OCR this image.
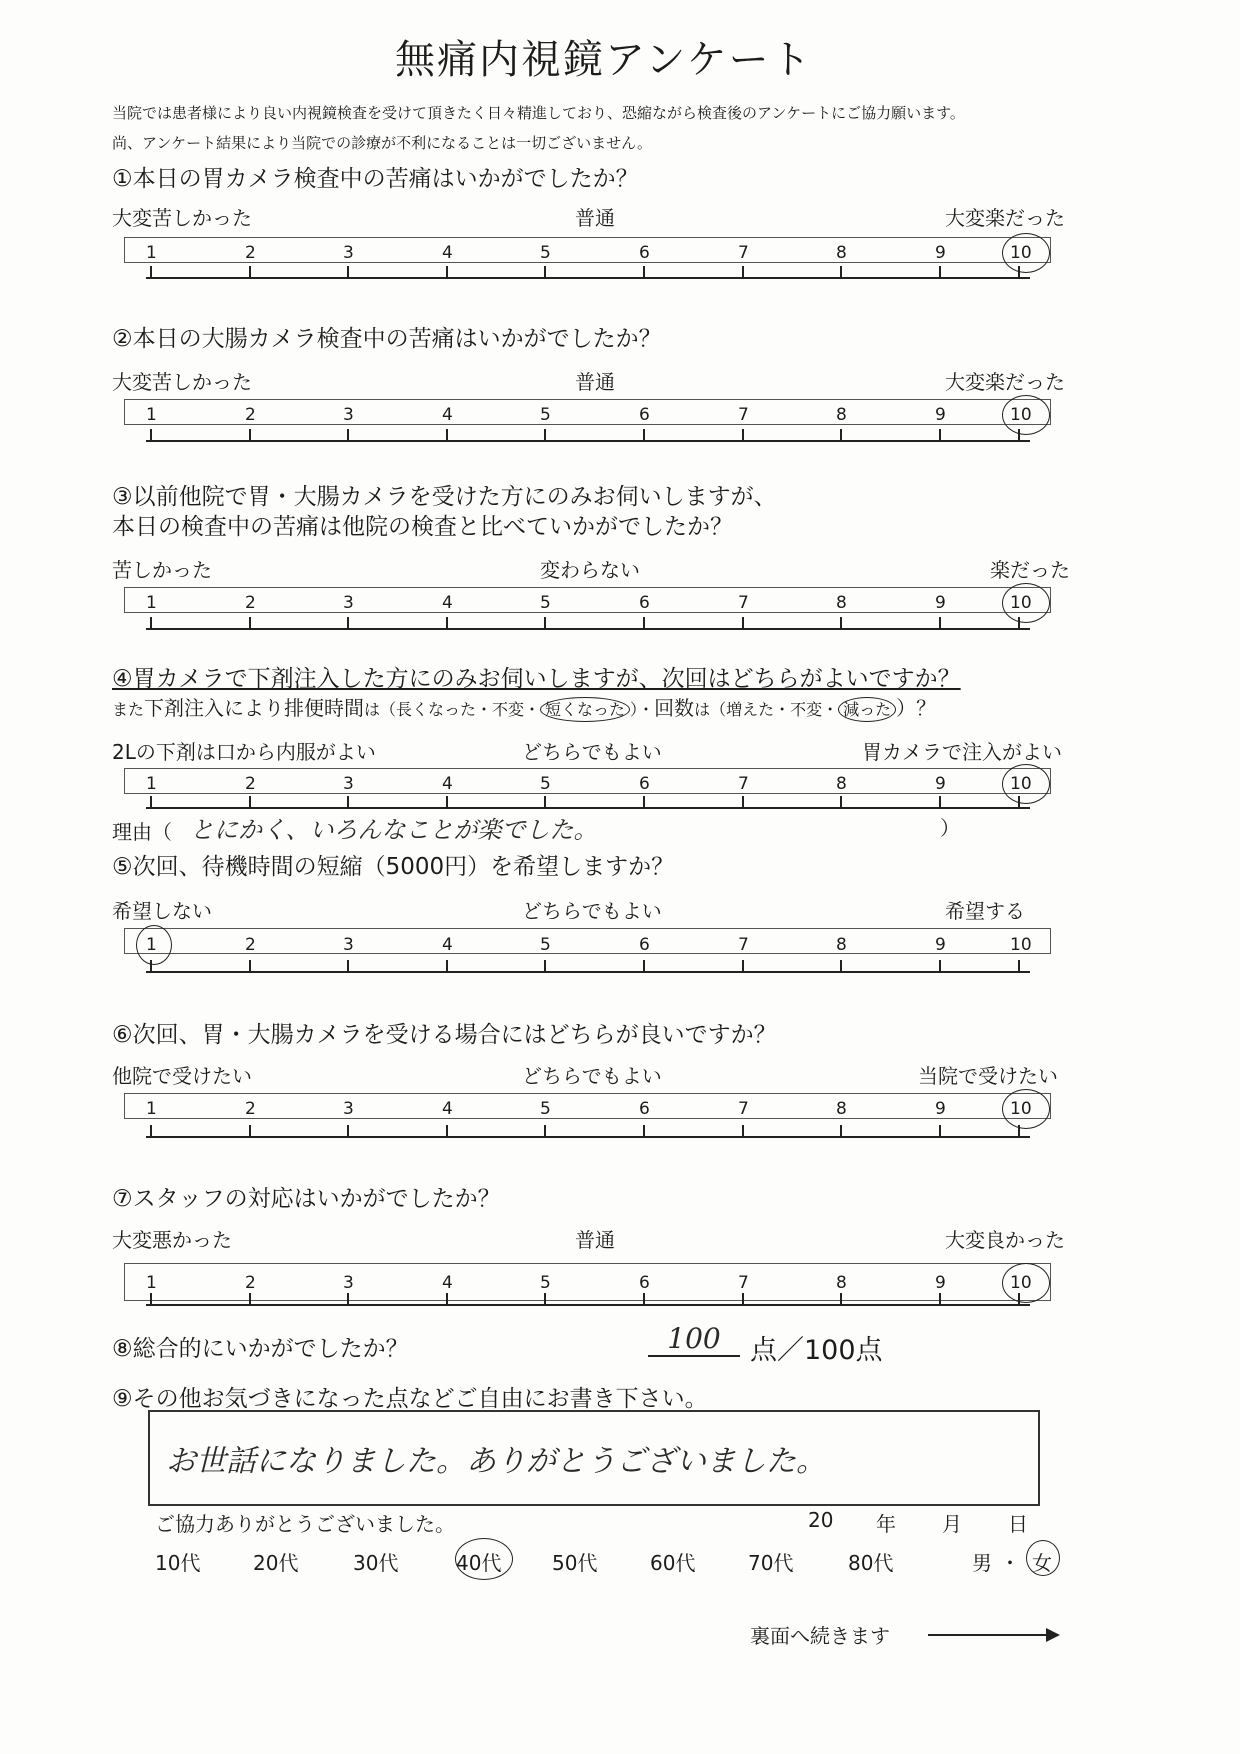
無痛内視鏡アンケート
当院では患者様により良い内視鏡検査を受けて頂きたく日々精進しており、恐縮ながら検査後のアンケートにご協力願います。
尚、アンケート結果により当院での診療が不利になることは一切ございません。
①本日の胃カメラ検査中の苦痛はいかがでしたか？
大変苦しかった	普通	大変楽だった
1	2	3	4	5	6	7	8	9	10
②本日の大腸カメラ検査中の苦痛はいかがでしたか？
大変苦しかった	普通	大変楽だった
1	2	3	4	5	6	7	8	9	10
③以前他院で胃・大腸カメラを受けた方にのみお伺いしますが、
本日の検査中の苦痛は他院の検査と比べていかがでしたか？
苦しかった	変わらない	楽だった
1	2	3	4	5	6	7	8	9	10
④胃カメラで下剤注入した方にのみお伺いしますが、次回はどちらがよいですか？
また下剤注入により排便時間は（長くなった・不変・ 短くなった ）・回数は（増えた・不変・ 減った ）？
2Lの下剤は口から内服がよい	どちらでもよい	胃カメラで注入がよい
1	2	3	4	5	6	7	8	9	10
理由（ とにかく、いろんなことが楽でした。	）
⑤次回、待機時間の短縮（5000円）を希望しますか？
希望しない	どちらでもよい	希望する
1	2	3	4	5	6	7	8	9	10
⑥次回、胃・大腸カメラを受ける場合にはどちらが良いですか？
他院で受けたい	どちらでもよい	当院で受けたい
1	2	3	4	5	6	7	8	9	10
⑦スタッフの対応はいかがでしたか？
大変悪かった	普通	大変良かった
1	2	3	4	5	6	7	8	9	10
⑧総合的にいかがでしたか？	100	点／100点
⑨その他お気づきになった点などご自由にお書き下さい。
お世話になりました。ありがとうございました。
ご協力ありがとうございました。	20 年 月 日
10代	20代	30代	40代	50代	60代	70代	80代	男 ・ 女
裏面へ続きます
